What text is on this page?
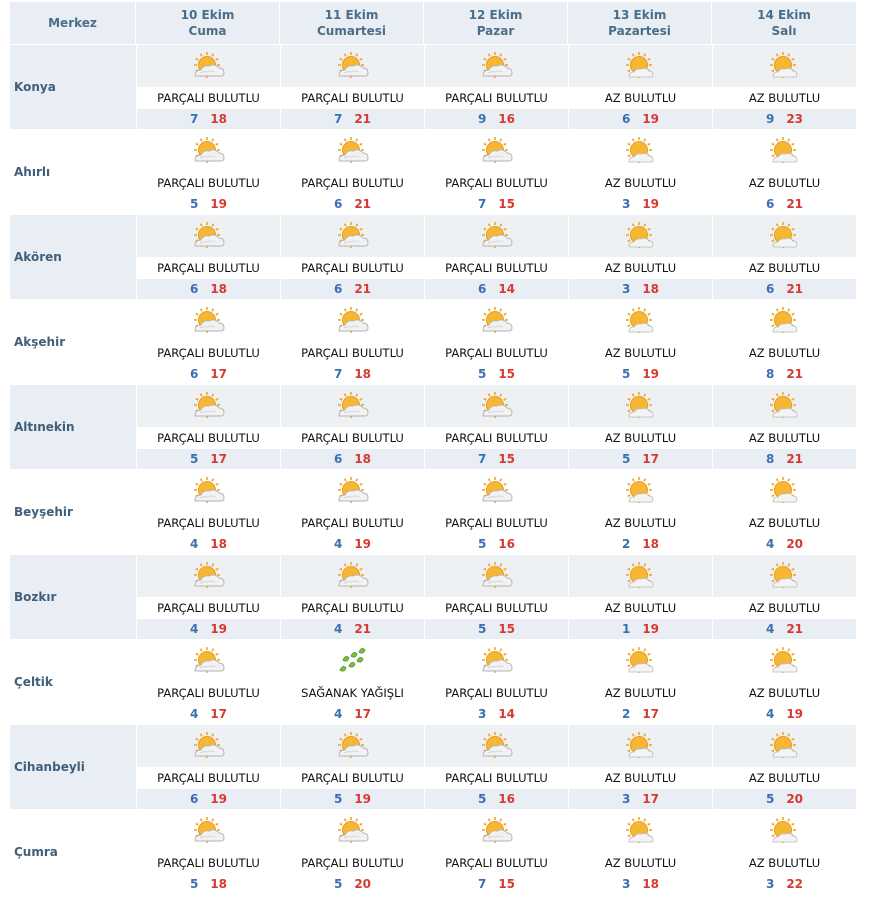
Merkez
10 Ekim
Cuma
11 Ekim
Cumartesi
12 Ekim
Pazar
13 Ekim
Pazartesi
14 Ekim
Salı
Konya
PARÇALI BULUTLU
7 18
PARÇALI BULUTLU
7 21
PARÇALI BULUTLU
9 16
AZ BULUTLU
6 19
AZ BULUTLU
9 23
Ahırlı
PARÇALI BULUTLU
5 19
PARÇALI BULUTLU
6 21
PARÇALI BULUTLU
7 15
AZ BULUTLU
3 19
AZ BULUTLU
6 21
Akören
PARÇALI BULUTLU
6 18
PARÇALI BULUTLU
6 21
PARÇALI BULUTLU
6 14
AZ BULUTLU
3 18
AZ BULUTLU
6 21
Akşehir
PARÇALI BULUTLU
6 17
PARÇALI BULUTLU
7 18
PARÇALI BULUTLU
5 15
AZ BULUTLU
5 19
AZ BULUTLU
8 21
Altınekin
PARÇALI BULUTLU
5 17
PARÇALI BULUTLU
6 18
PARÇALI BULUTLU
7 15
AZ BULUTLU
5 17
AZ BULUTLU
8 21
Beyşehir
PARÇALI BULUTLU
4 18
PARÇALI BULUTLU
4 19
PARÇALI BULUTLU
5 16
AZ BULUTLU
2 18
AZ BULUTLU
4 20
Bozkır
PARÇALI BULUTLU
4 19
PARÇALI BULUTLU
4 21
PARÇALI BULUTLU
5 15
AZ BULUTLU
1 19
AZ BULUTLU
4 21
Çeltik
PARÇALI BULUTLU
4 17
SAĞANAK YAĞIŞLI
4 17
PARÇALI BULUTLU
3 14
AZ BULUTLU
2 17
AZ BULUTLU
4 19
Cihanbeyli
PARÇALI BULUTLU
6 19
PARÇALI BULUTLU
5 19
PARÇALI BULUTLU
5 16
AZ BULUTLU
3 17
AZ BULUTLU
5 20
Çumra
PARÇALI BULUTLU
5 18
PARÇALI BULUTLU
5 20
PARÇALI BULUTLU
7 15
AZ BULUTLU
3 18
AZ BULUTLU
3 22
